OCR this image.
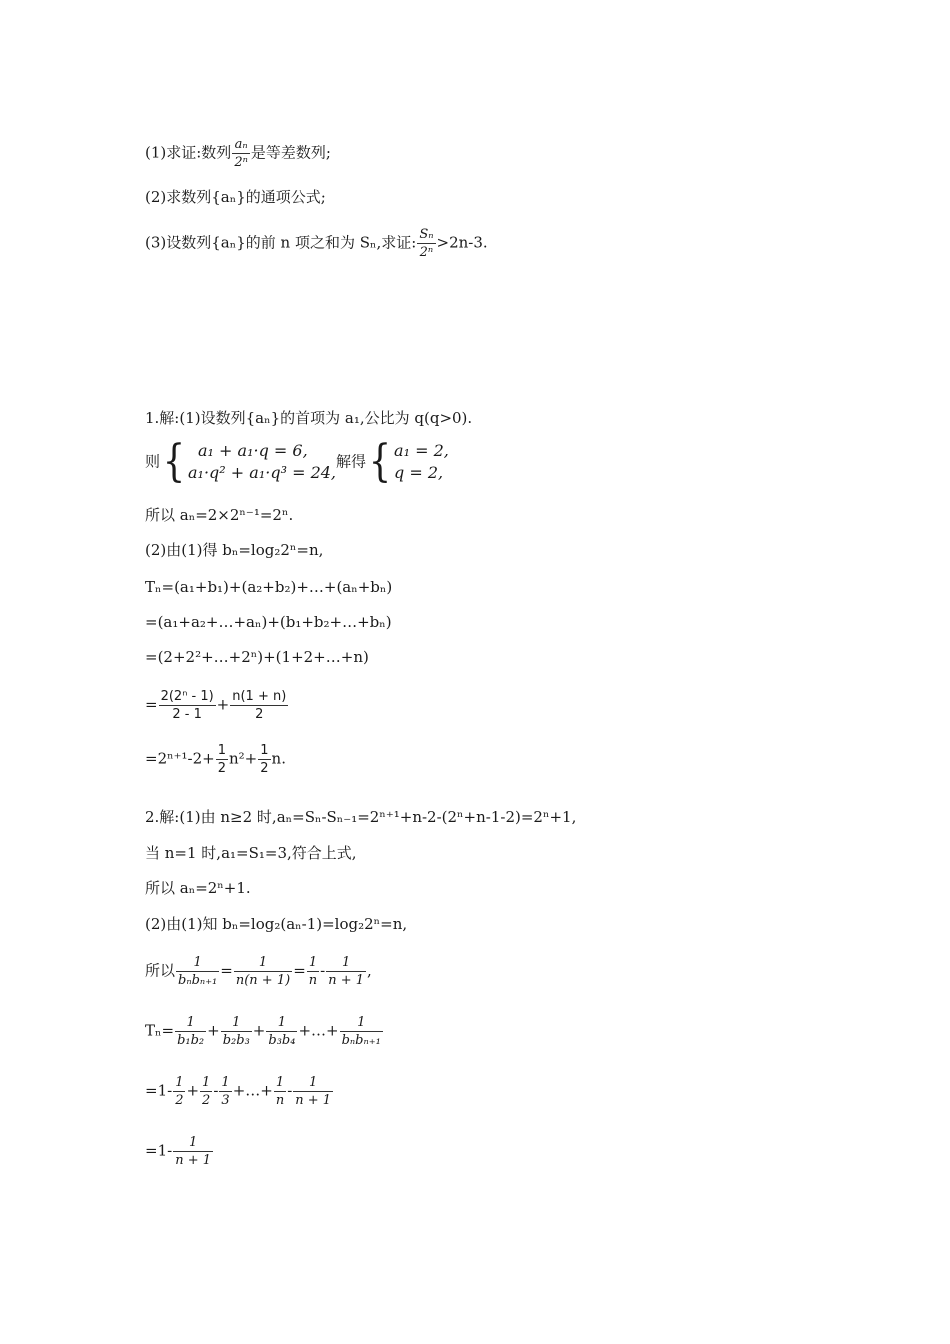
(1)求证:数列 $\frac{\text{aₙ}}{\text{2ⁿ}}$ 是等差数列;
(2)求数列{aₙ}的通项公式;
(3)设数列{aₙ}的前 n 项之和为 Sₙ,求证: $\frac{\text{Sₙ}}{\text{2ⁿ}} >2n-3$.
1.解:(1)设数列{aₙ}的首项为 a₁,公比为 q(q>0).
则{ a₁ + a₁·q = 6,
a₁·q² + a₁·q³ = 24,
解得{ a₁ = 2,
q = 2,
所以 aₙ=2×2ⁿ⁻¹=2ⁿ.
(2)由(1)得 bₙ=log₂2ⁿ=n,
Tₙ=(a₁+b₁)+(a₂+b₂)+…+(aₙ+bₙ)
=(a₁+a₂+…+aₙ)+(b₁+b₂+…+bₙ)
=(2+2²+…+2ⁿ)+(1+2+…+n)
= $\frac{\text{2(2ⁿ - 1)}}{2 - 1} + \frac{n(1 + n)}{2}$
$=2^{n+1}-2+ \frac{1}{2} n^2+ \frac{1}{2} n$.
2.解:(1)由 n≥2 时,aₙ=Sₙ-Sₙ₋₁=2ⁿ⁺¹+n-2-(2ⁿ+n-1-2)=2ⁿ+1,
当 n=1 时,a₁=S₁=3,符合上式,
所以 aₙ=2ⁿ+1.
(2)由(1)知 bₙ=log₂(aₙ-1)=log₂2ⁿ=n,
所以 $\frac{1}{\text{bₙbₙ₊₁}} = \frac{1}{n(n + 1)} = \frac{1}{n} - \frac{1}{n + 1}$ ,
$T_n= \frac{1}{\text{b₁b₂}} + \frac{1}{\text{b₂b₃}} + \frac{1}{\text{b₃b₄}}$ +…+ $\frac{1}{\text{bₙbₙ₊₁}}$
$=1- \frac{1}{2} + \frac{1}{2} - \frac{1}{3}$ +…+ $\frac{1}{n} - \frac{1}{n + 1}$
$=1- \frac{1}{n + 1}$
